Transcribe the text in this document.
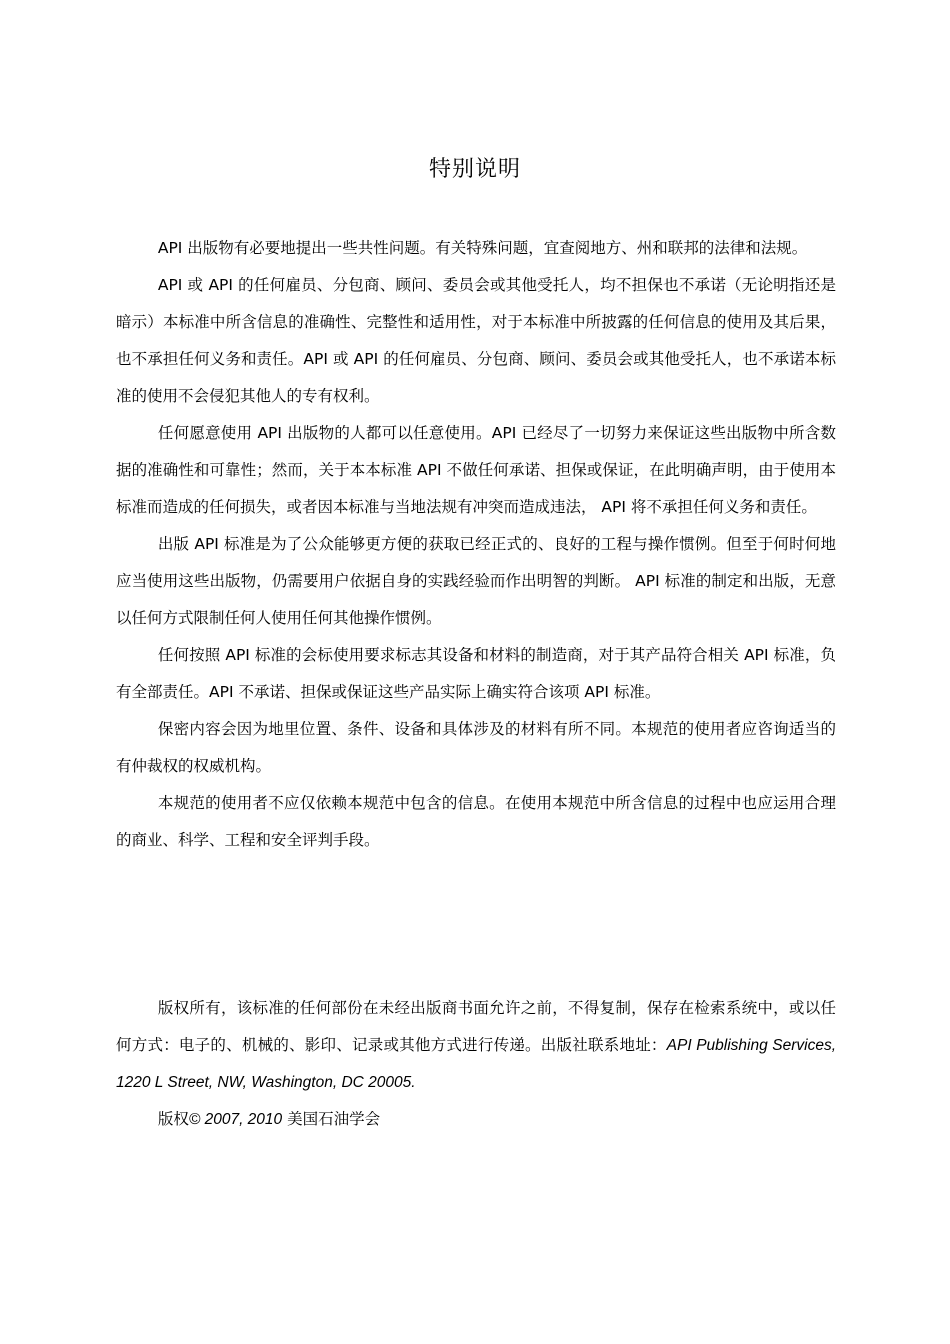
特别说明

API 出版物有必要地提出一些共性问题。有关特殊问题，宜查阅地方、州和联邦的法律和法规。

API 或 API 的任何雇员、分包商、顾问、委员会或其他受托人，均不担保也不承诺（无论明指还是暗示）本标准中所含信息的准确性、完整性和适用性，对于本标准中所披露的任何信息的使用及其后果，也不承担任何义务和责任。API 或 API 的任何雇员、分包商、顾问、委员会或其他受托人，也不承诺本标准的使用不会侵犯其他人的专有权利。

任何愿意使用 API 出版物的人都可以任意使用。API 已经尽了一切努力来保证这些出版物中所含数据的准确性和可靠性；然而，关于本本标准 API 不做任何承诺、担保或保证，在此明确声明，由于使用本标准而造成的任何损失，或者因本标准与当地法规有冲突而造成违法， API 将不承担任何义务和责任。

出版 API 标准是为了公众能够更方便的获取已经正式的、良好的工程与操作惯例。但至于何时何地应当使用这些出版物，仍需要用户依据自身的实践经验而作出明智的判断。 API 标准的制定和出版，无意以任何方式限制任何人使用任何其他操作惯例。

任何按照 API 标准的会标使用要求标志其设备和材料的制造商，对于其产品符合相关 API 标准，负有全部责任。API 不承诺、担保或保证这些产品实际上确实符合该项 API 标准。

保密内容会因为地里位置、条件、设备和具体涉及的材料有所不同。本规范的使用者应咨询适当的有仲裁权的权威机构。

本规范的使用者不应仅依赖本规范中包含的信息。在使用本规范中所含信息的过程中也应运用合理的商业、科学、工程和安全评判手段。

版权所有，该标准的任何部份在未经出版商书面允许之前，不得复制，保存在检索系统中，或以任何方式：电子的、机械的、影印、记录或其他方式进行传递。出版社联系地址：API Publishing Services, 1220 L Street, NW, Washington, DC 20005.

版权© 2007, 2010 美国石油学会
